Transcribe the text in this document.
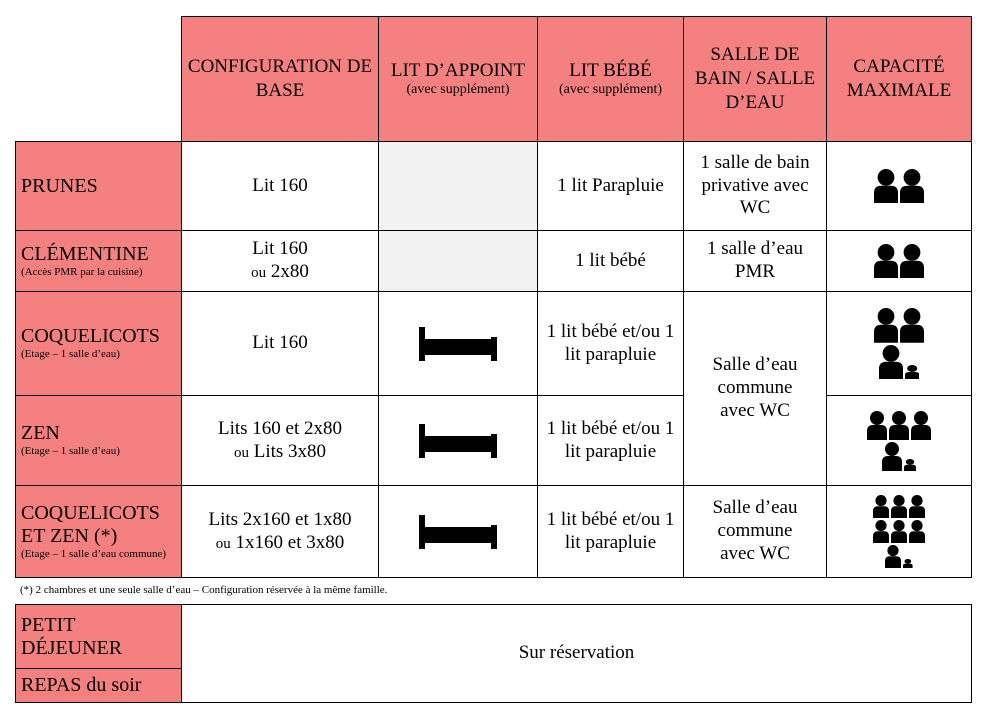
CONFIGURATION DE BASE
LIT D’APPOINT
(avec supplément)
LIT BÉBÉ
(avec supplément)
SALLE DE BAIN / SALLE D’EAU
CAPACITÉ MAXIMALE
PRUNES	Lit 160	1 lit Parapluie
1 salle de bain privative avec WC
CLÉMENTINE
(Accès PMR par la cuisine)
Lit 160
ou 2x80
1 lit bébé
1 salle d’eau PMR
COQUELICOTS
(Etage – 1 salle d’eau)
Lit 160
1 lit bébé et/ou 1 lit parapluie
Salle d’eau commune avec WC
ZEN
(Etage – 1 salle d’eau)
Lits 160 et 2x80
ou Lits 3x80
1 lit bébé et/ou 1 lit parapluie
COQUELICOTS ET ZEN (*)
(Etage – 1 salle d’eau commune)
Lits 2x160 et 1x80
ou 1x160 et 3x80
1 lit bébé et/ou 1 lit parapluie
Salle d’eau commune avec WC
(*) 2 chambres et une seule salle d’eau – Configuration réservée à la même famille.
PETIT DÉJEUNER
REPAS du soir
Sur réservation
